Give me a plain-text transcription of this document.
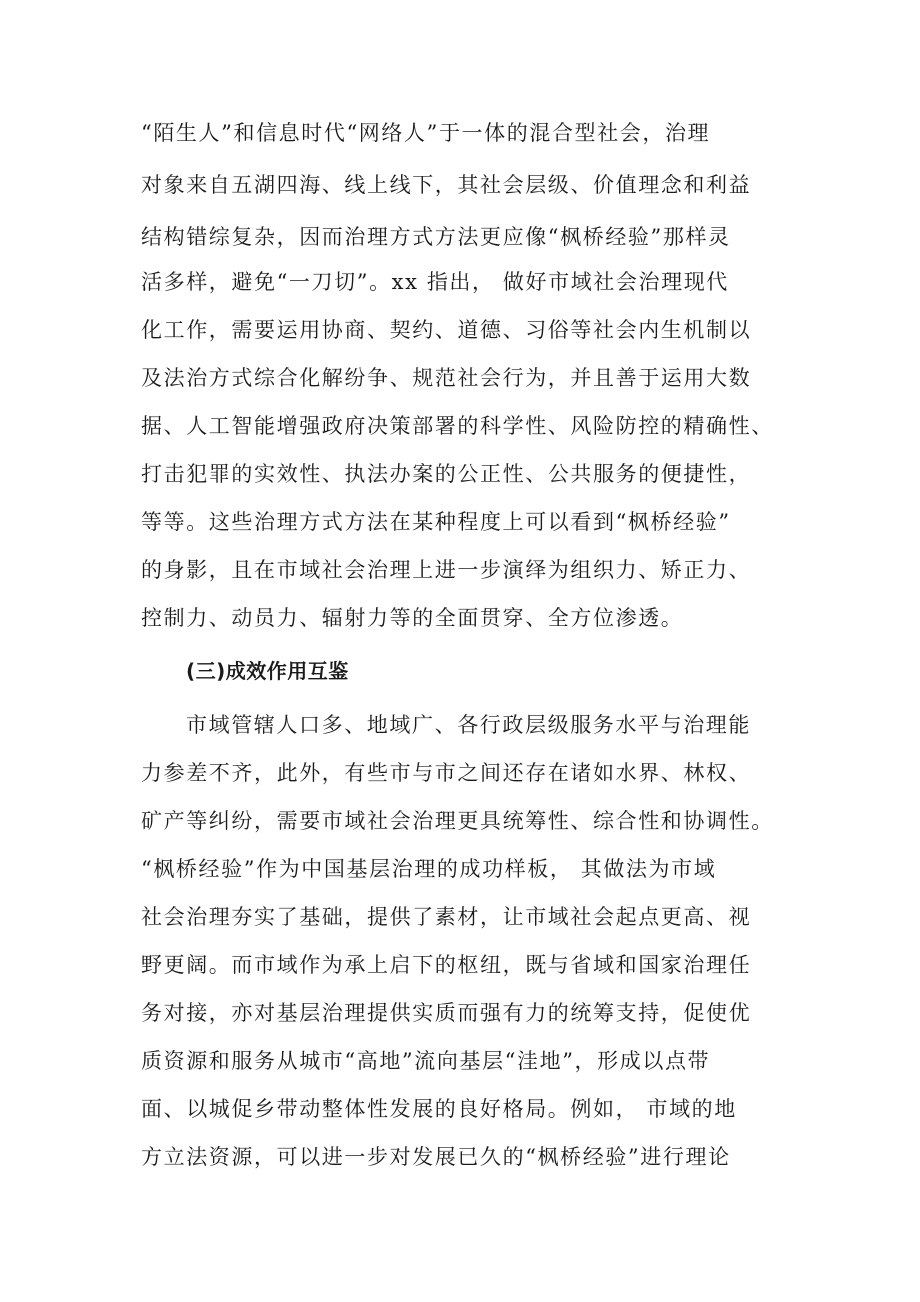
“陌生人”和信息时代“网络人”于一体的混合型社会，治理
对象来自五湖四海、线上线下，其社会层级、价值理念和利益
结构错综复杂，因而治理方式方法更应像“枫桥经验”那样灵
活多样，避免“一刀切”。xx 指出， 做好市域社会治理现代
化工作，需要运用协商、契约、道德、习俗等社会内生机制以
及法治方式综合化解纷争、规范社会行为，并且善于运用大数
据、人工智能增强政府决策部署的科学性、风险防控的精确性、
打击犯罪的实效性、执法办案的公正性、公共服务的便捷性，
等等。这些治理方式方法在某种程度上可以看到“枫桥经验”
的身影，且在市域社会治理上进一步演绎为组织力、矫正力、
控制力、动员力、辐射力等的全面贯穿、全方位渗透。
(三)成效作用互鉴
市域管辖人口多、地域广、各行政层级服务水平与治理能
力参差不齐，此外，有些市与市之间还存在诸如水界、林权、
矿产等纠纷，需要市域社会治理更具统筹性、综合性和协调性。
“枫桥经验”作为中国基层治理的成功样板， 其做法为市域
社会治理夯实了基础，提供了素材，让市域社会起点更高、视
野更阔。而市域作为承上启下的枢纽，既与省域和国家治理任
务对接，亦对基层治理提供实质而强有力的统筹支持，促使优
质资源和服务从城市“高地”流向基层“洼地”，形成以点带
面、以城促乡带动整体性发展的良好格局。例如， 市域的地
方立法资源，可以进一步对发展已久的“枫桥经验”进行理论
